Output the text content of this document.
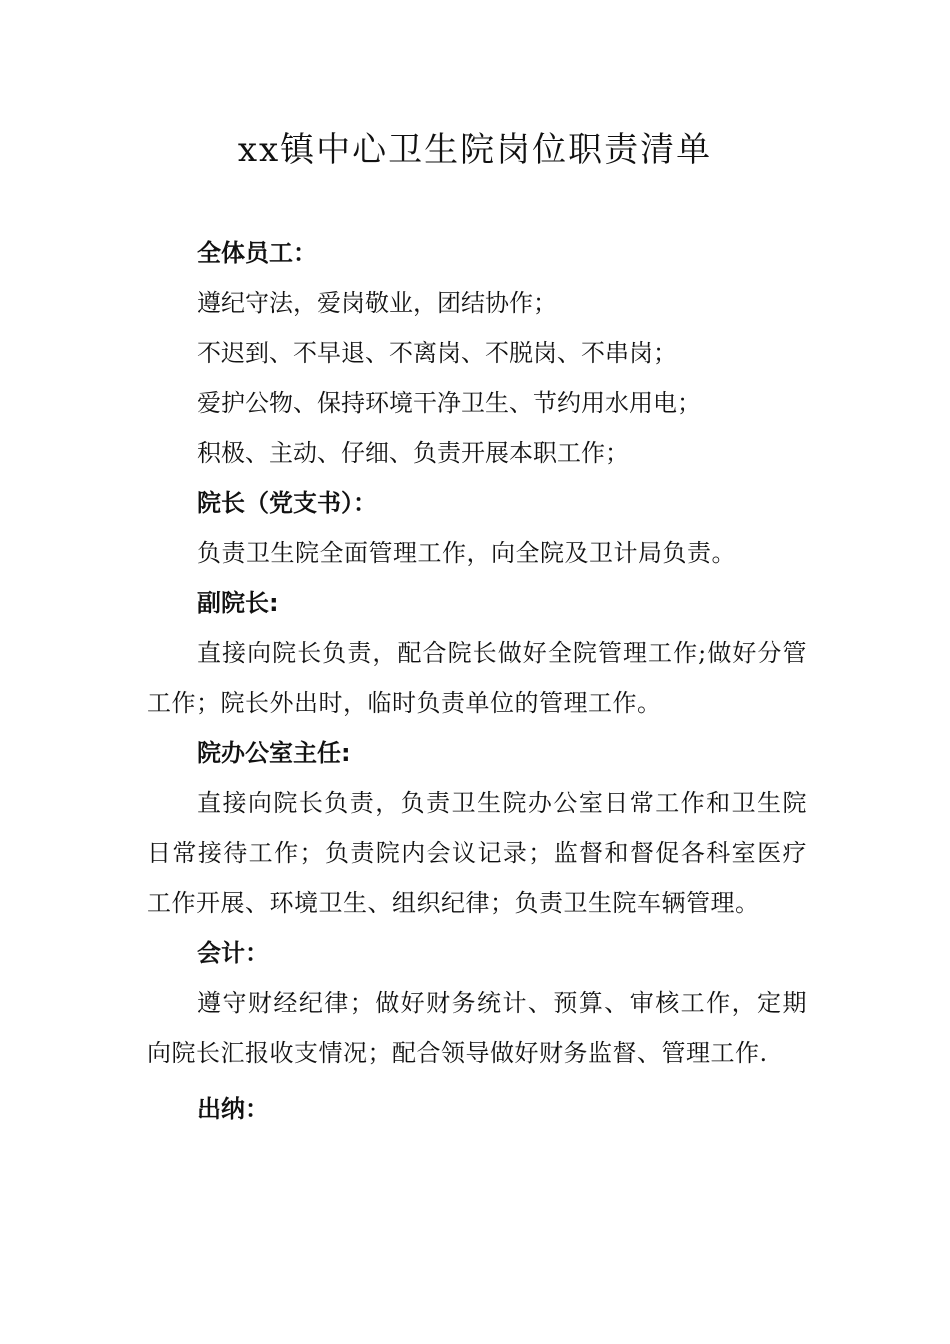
xx镇中心卫生院岗位职责清单

全体员工：

遵纪守法，爱岗敬业，团结协作；

不迟到、不早退、不离岗、不脱岗、不串岗；

爱护公物、保持环境干净卫生、节约用水用电；

积极、主动、仔细、负责开展本职工作；

院长（党支书）：

负责卫生院全面管理工作，向全院及卫计局负责。

副院长:

直接向院长负责，配合院长做好全院管理工作;做好分管工作；院长外出时，临时负责单位的管理工作。

院办公室主任:

直接向院长负责，负责卫生院办公室日常工作和卫生院日常接待工作；负责院内会议记录；监督和督促各科室医疗工作开展、环境卫生、组织纪律；负责卫生院车辆管理。

会计：

遵守财经纪律；做好财务统计、预算、审核工作，定期向院长汇报收支情况；配合领导做好财务监督、管理工作.

出纳：
